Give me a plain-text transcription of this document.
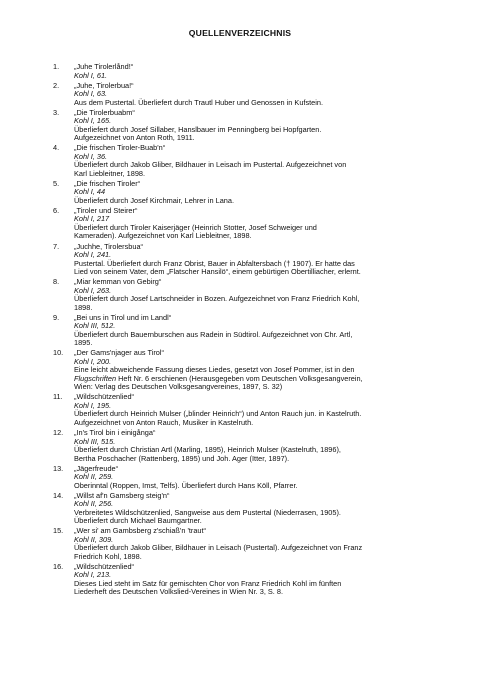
QUELLENVERZEICHNIS
1.	„Juhe Tirolerlånd!“
Kohl I, 61.
2.	„Juhe, Tirolerbua!“
Kohl I, 63.
Aus dem Pustertal. Überliefert durch Trautl Huber und Genossen in Kufstein.
3.	„Die Tirolerbuabm“
Kohl I, 165.
Überliefert durch Josef Sillaber, Hanslbauer im Penningberg bei Hopfgarten.
Aufgezeichnet von Anton Roth, 1911.
4.	„Die frischen Tiroler-Buab'n“
Kohl I, 36.
Überliefert durch Jakob Gliber, Bildhauer in Leisach im Pustertal. Aufgezeichnet von
Karl Liebleitner, 1898.
5.	„Die frischen Tiroler“
Kohl I, 44
Überliefert durch Josef Kirchmair, Lehrer in Lana.
6.	„Tiroler und Steirer“
Kohl I, 217
Überliefert durch Tiroler Kaiserjäger (Heinrich Stotter, Josef Schweiger und
Kameraden). Aufgezeichnet von Karl Liebleitner, 1898.
7.	„Juchhe, Tirolersbua“
Kohl I, 241.
Pustertal. Überliefert durch Franz Obrist, Bauer in Abfaltersbach († 1907). Er hatte das
Lied von seinem Vater, dem „Flatscher Hansilö“, einem gebürtigen Obertilliacher, erlernt.
8.	„Miar kemman von Gebirg“
Kohl I, 263.
Überliefert durch Josef Lartschneider in Bozen. Aufgezeichnet von Franz Friedrich Kohl,
1898.
9.	„Bei uns in Tirol und im Landl“
Kohl III, 512.
Überliefert durch Bauernburschen aus Radein in Südtirol. Aufgezeichnet von Chr. Artl,
1895.
10.	„Der Gams'njager aus Tirol“
Kohl I, 200.
Eine leicht abweichende Fassung dieses Liedes, gesetzt von Josef Pommer, ist in den
Flugschriften Heft Nr. 6 erschienen (Herausgegeben vom Deutschen Volksgesangverein,
Wien: Verlag des Deutschen Volksgesangvereines, 1897, S. 32)
11.	„Wildschützenlied“
Kohl I, 195.
Überliefert durch Heinrich Mulser („blinder Heinrich“) und Anton Rauch jun. in Kastelruth.
Aufgezeichnet von Anton Rauch, Musiker in Kastelruth.
12.	„In's Tirol bin i einigånga“
Kohl III, 515.
Überliefert durch Christian Artl (Marling, 1895), Heinrich Mulser (Kastelruth, 1896),
Bertha Poschacher (Rattenberg, 1895) und Joh. Ager (Itter, 1897).
13.	„Jägerfreude“
Kohl II, 259.
Oberinntal (Roppen, Imst, Telfs). Überliefert durch Hans Köll, Pfarrer.
14.	„Willst af'n Gamsberg steig'n“
Kohl II, 256.
Verbreitetes Wildschützenlied, Sangweise aus dem Pustertal (Niederrasen, 1905).
Überliefert durch Michael Baumgartner.
15.	„Wer si' am Gambsberg z'schiaß'n 'traut“
Kohl II, 309.
Überliefert durch Jakob Gliber, Bildhauer in Leisach (Pustertal). Aufgezeichnet von Franz
Friedrich Kohl, 1898.
16.	„Wildschützenlied“
Kohl I, 213.
Dieses Lied steht im Satz für gemischten Chor von Franz Friedrich Kohl im fünften
Liederheft des Deutschen Volkslied-Vereines in Wien Nr. 3, S. 8.
